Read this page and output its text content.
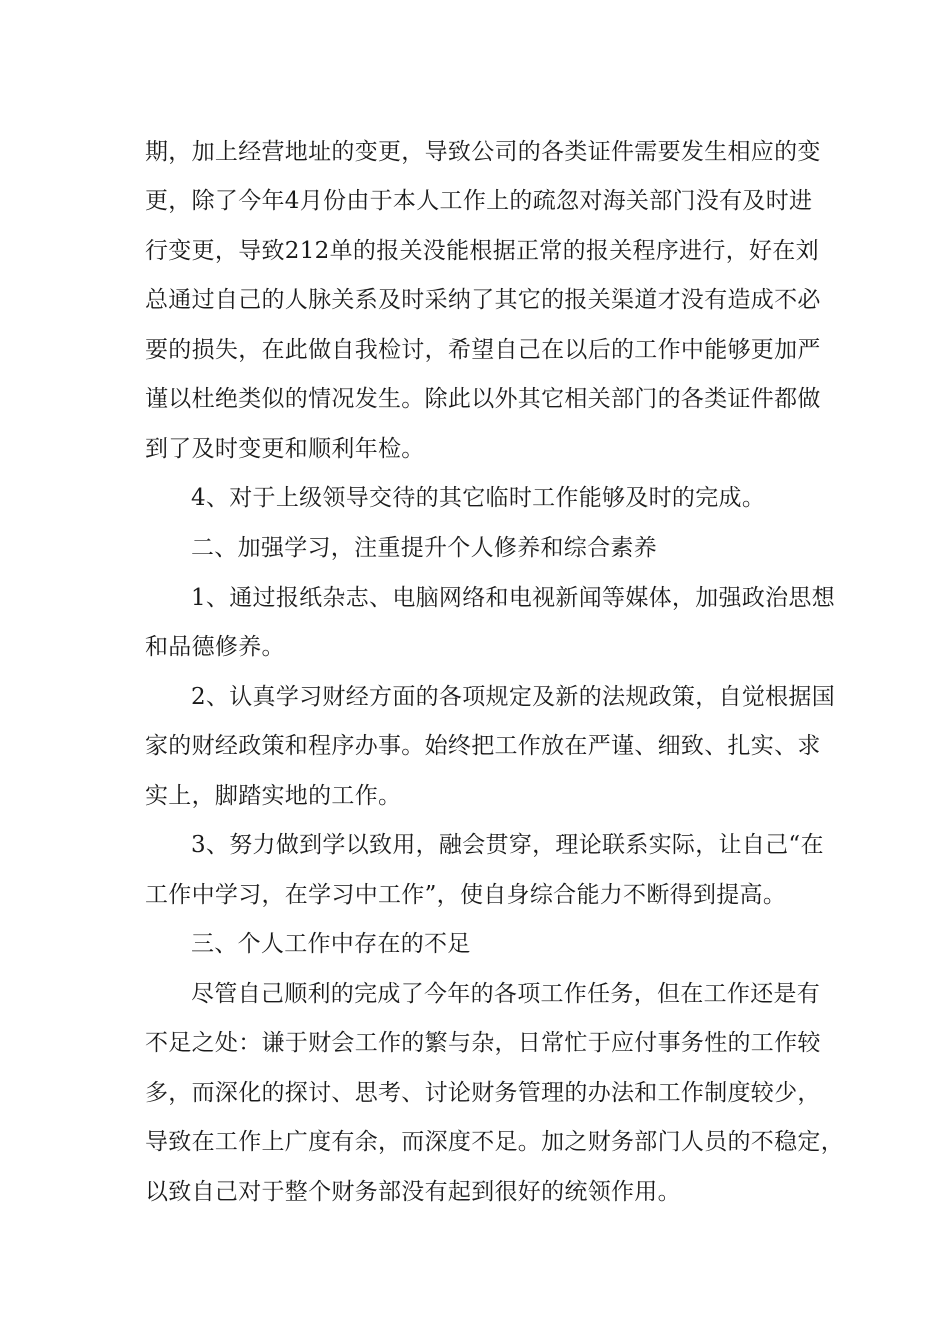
期，加上经营地址的变更，导致公司的各类证件需要发生相应的变
更，除了今年4月份由于本人工作上的疏忽对海关部门没有及时进
行变更，导致212单的报关没能根据正常的报关程序进行，好在刘
总通过自己的人脉关系及时采纳了其它的报关渠道才没有造成不必
要的损失，在此做自我检讨，希望自己在以后的工作中能够更加严
谨以杜绝类似的情况发生。除此以外其它相关部门的各类证件都做
到了及时变更和顺利年检。
4、对于上级领导交待的其它临时工作能够及时的完成。
二、加强学习，注重提升个人修养和综合素养
1、通过报纸杂志、电脑网络和电视新闻等媒体，加强政治思想
和品德修养。
2、认真学习财经方面的各项规定及新的法规政策，自觉根据国
家的财经政策和程序办事。始终把工作放在严谨、细致、扎实、求
实上，脚踏实地的工作。
3、努力做到学以致用，融会贯穿，理论联系实际，让自己“在
工作中学习，在学习中工作”，使自身综合能力不断得到提高。
三、个人工作中存在的不足
尽管自己顺利的完成了今年的各项工作任务，但在工作还是有
不足之处：谦于财会工作的繁与杂，日常忙于应付事务性的工作较
多，而深化的探讨、思考、讨论财务管理的办法和工作制度较少，
导致在工作上广度有余，而深度不足。加之财务部门人员的不稳定，
以致自己对于整个财务部没有起到很好的统领作用。
